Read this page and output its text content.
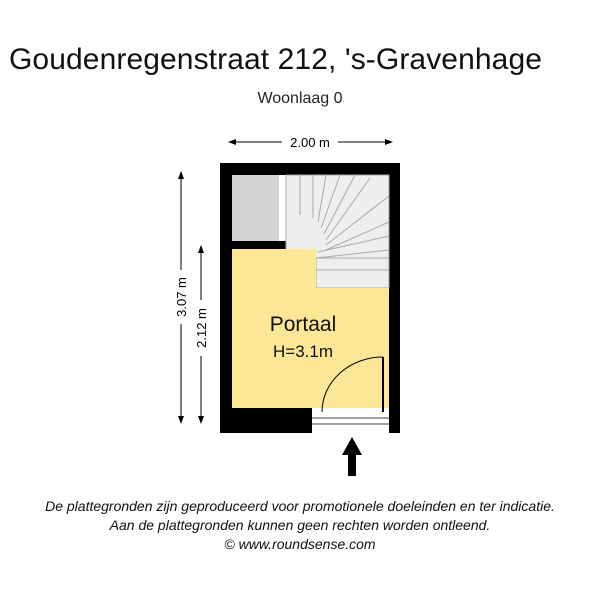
Goudenregenstraat 212, 's-Gravenhage
Woonlaag 0
2.00 m
3.07 m
2.12 m	Portaal
H=3.1m
De plattegronden zijn geproduceerd voor promotionele doeleinden en ter indicatie.
Aan de plattegronden kunnen geen rechten worden ontleend.
© www.roundsense.com
